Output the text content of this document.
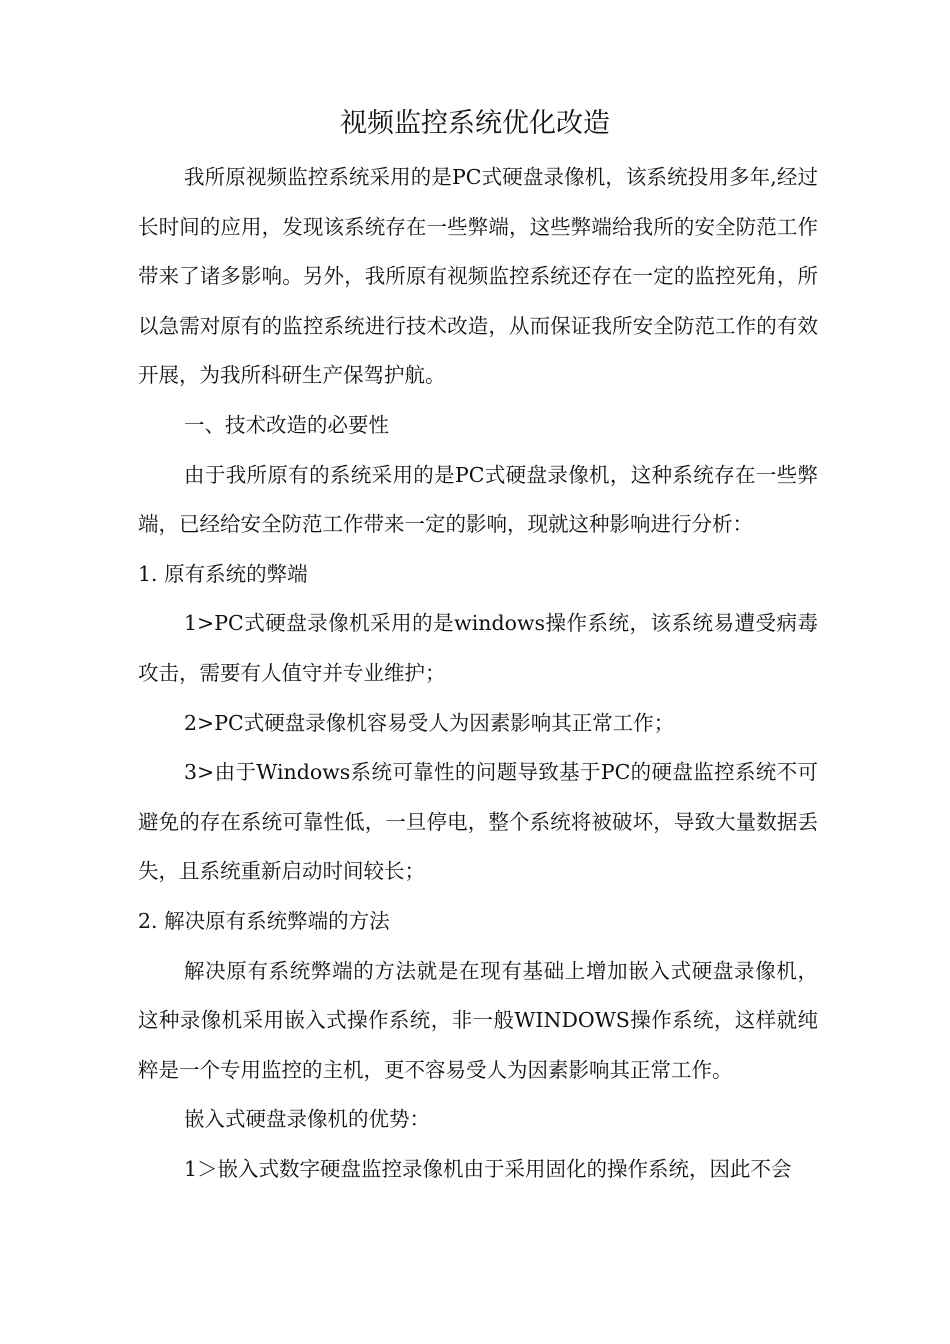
视频监控系统优化改造

我所原视频监控系统采用的是PC式硬盘录像机，该系统投用多年,经过长时间的应用，发现该系统存在一些弊端，这些弊端给我所的安全防范工作带来了诸多影响。另外，我所原有视频监控系统还存在一定的监控死角，所以急需对原有的监控系统进行技术改造，从而保证我所安全防范工作的有效开展，为我所科研生产保驾护航。

一、技术改造的必要性

由于我所原有的系统采用的是PC式硬盘录像机，这种系统存在一些弊端，已经给安全防范工作带来一定的影响，现就这种影响进行分析：

1. 原有系统的弊端

1>PC式硬盘录像机采用的是windows操作系统，该系统易遭受病毒攻击，需要有人值守并专业维护；

2>PC式硬盘录像机容易受人为因素影响其正常工作；

3>由于Windows系统可靠性的问题导致基于PC的硬盘监控系统不可避免的存在系统可靠性低，一旦停电，整个系统将被破坏，导致大量数据丢失，且系统重新启动时间较长；

2. 解决原有系统弊端的方法

解决原有系统弊端的方法就是在现有基础上增加嵌入式硬盘录像机，这种录像机采用嵌入式操作系统，非一般WINDOWS操作系统，这样就纯粹是一个专用监控的主机，更不容易受人为因素影响其正常工作。

嵌入式硬盘录像机的优势：

1＞嵌入式数字硬盘监控录像机由于采用固化的操作系统，因此不会
